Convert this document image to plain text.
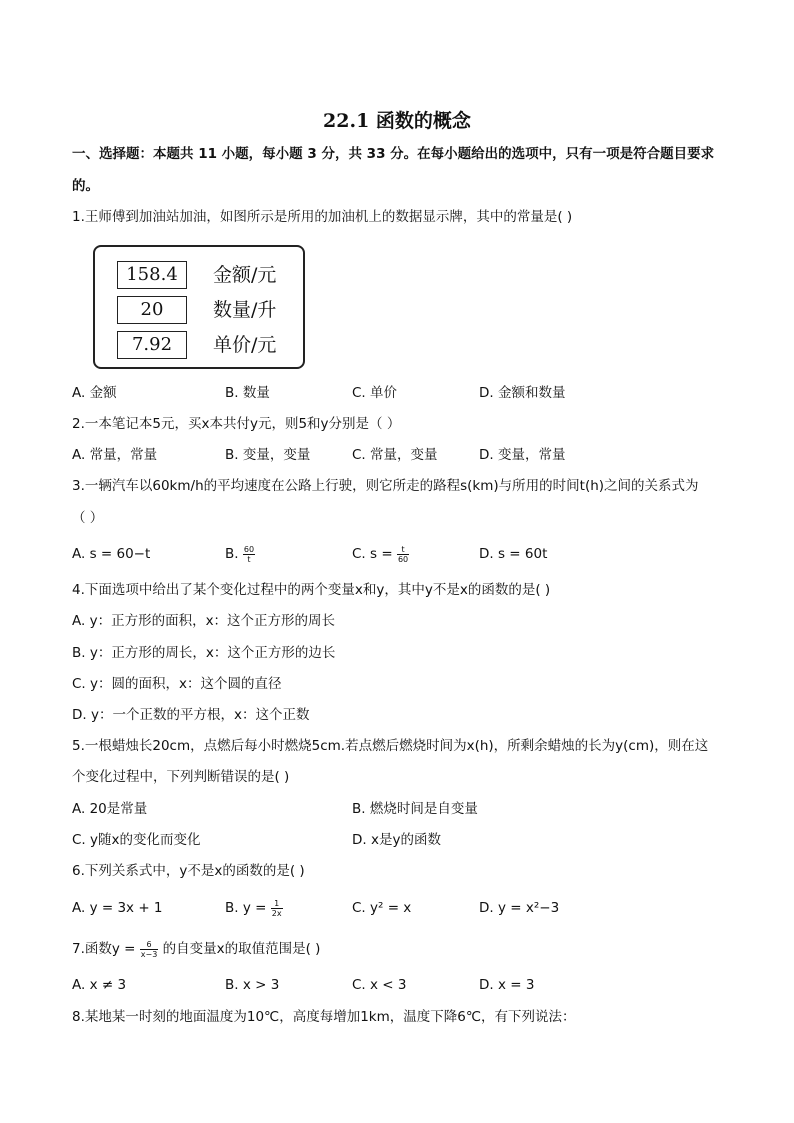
22.1 函数的概念
一、选择题：本题共 11 小题，每小题 3 分，共 33 分。在每小题给出的选项中，只有一项是符合题目要求
的。
1.王师傅到加油站加油，如图所示是所用的加油机上的数据显示牌，其中的常量是( )
158.4	金额/元
20	数量/升
7.92	单价/元
A. 金额	B. 数量	C. 单价	D. 金额和数量
2.一本笔记本5元，买x本共付y元，则5和y分别是（ ）
A. 常量，常量	B. 变量，变量	C. 常量，变量	D. 变量，常量
3.一辆汽车以60km/h的平均速度在公路上行驶，则它所走的路程s(km)与所用的时间t(h)之间的关系式为
（ ）
A. s = 60−t	B. $\frac{60}{t}$	C. $s = \frac{t}{60}$	D. s = 60t
4.下面选项中给出了某个变化过程中的两个变量x和y，其中y不是x的函数的是( )
A. y：正方形的面积，x：这个正方形的周长
B. y：正方形的周长，x：这个正方形的边长
C. y：圆的面积，x：这个圆的直径
D. y：一个正数的平方根，x：这个正数
5.一根蜡烛长20cm，点燃后每小时燃烧5cm.若点燃后燃烧时间为x(h)，所剩余蜡烛的长为y(cm)，则在这
个变化过程中，下列判断错误的是( )
A. 20是常量	B. 燃烧时间是自变量
C. y随x的变化而变化	D. x是y的函数
6.下列关系式中，y不是x的函数的是( )
A. y = 3x + 1	B. $y = \frac{1}{2x}$	C. y² = x	D. y = x²−3
7.函数$y = \frac{6}{x-3}$ 的自变量x的取值范围是( )
A. x ≠ 3	B. x > 3	C. x < 3	D. x = 3
8.某地某一时刻的地面温度为10℃，高度每增加1km，温度下降6℃，有下列说法：
